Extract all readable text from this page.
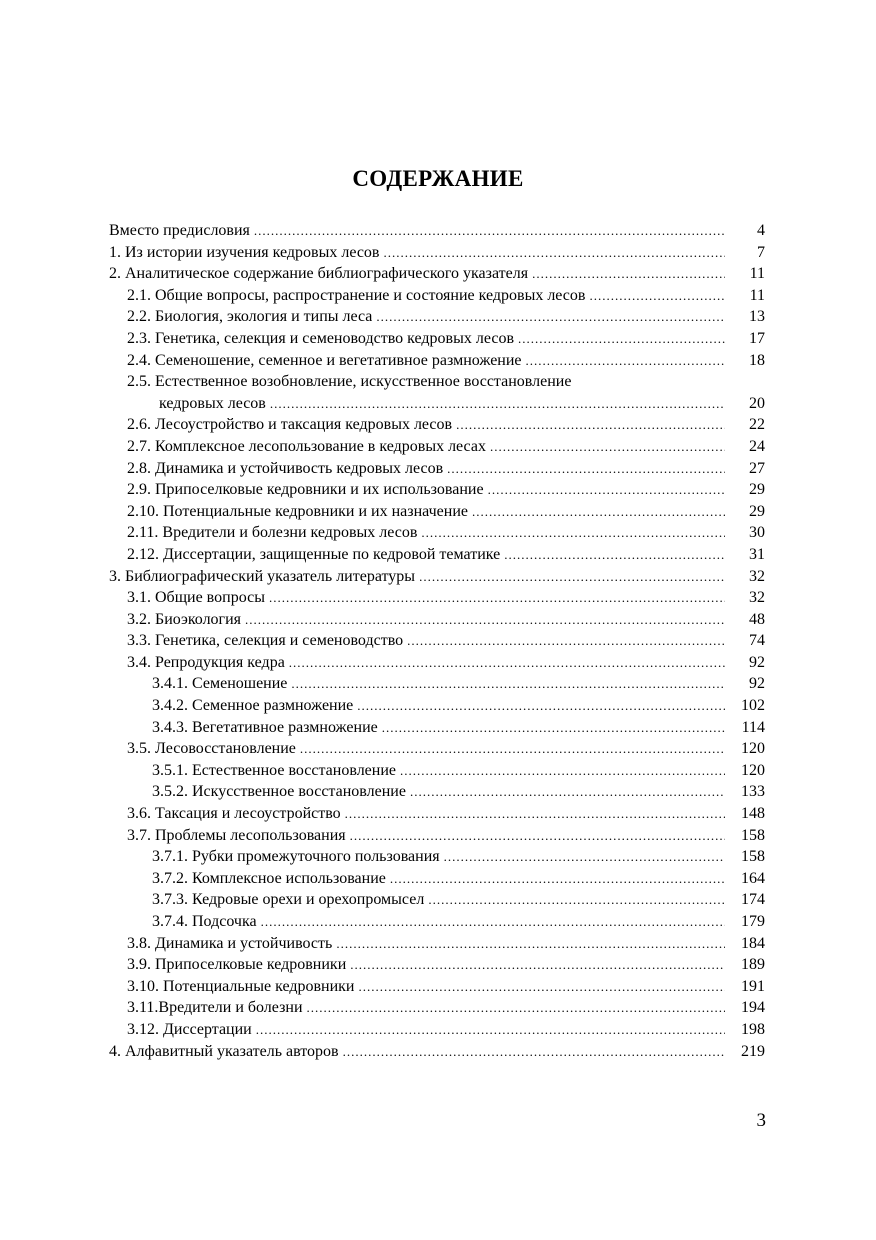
СОДЕРЖАНИЕ
Вместо предисловия .....	4
1. Из истории изучения кедровых лесов .....	7
2. Аналитическое содержание библиографического указателя .....	11
2.1. Общие вопросы, распространение и состояние кедровых лесов .....	11
2.2. Биология, экология и типы леса .....	13
2.3. Генетика, селекция и семеноводство кедровых лесов .....	17
2.4. Семеношение, семенное и вегетативное размножение .....	18
2.5. Естественное возобновление, искусственное восстановление
кедровых лесов .....	20
2.6. Лесоустройство и таксация кедровых лесов .....	22
2.7. Комплексное лесопользование в кедровых лесах .....	24
2.8. Динамика и устойчивость кедровых лесов .....	27
2.9. Припоселковые кедровники и их использование .....	29
2.10. Потенциальные кедровники и их назначение .....	29
2.11. Вредители и болезни кедровых лесов .....	30
2.12. Диссертации, защищенные по кедровой тематике .....	31
3. Библиографический указатель литературы .....	32
3.1. Общие вопросы .....	32
3.2. Биоэкология .....	48
3.3. Генетика, селекция и семеноводство .....	74
3.4. Репродукция кедра .....	92
3.4.1. Семеношение .....	92
3.4.2. Семенное размножение .....	102
3.4.3. Вегетативное размножение .....	114
3.5. Лесовосстановление .....	120
3.5.1. Естественное восстановление .....	120
3.5.2. Искусственное восстановление .....	133
3.6. Таксация и лесоустройство .....	148
3.7. Проблемы лесопользования .....	158
3.7.1. Рубки промежуточного пользования .....	158
3.7.2. Комплексное использование .....	164
3.7.3. Кедровые орехи и орехопромысел .....	174
3.7.4. Подсочка .....	179
3.8. Динамика и устойчивость .....	184
3.9. Припоселковые кедровники .....	189
3.10. Потенциальные кедровники .....	191
3.11.Вредители и болезни .....	194
3.12. Диссертации .....	198
4. Алфавитный указатель авторов .....	219
3
